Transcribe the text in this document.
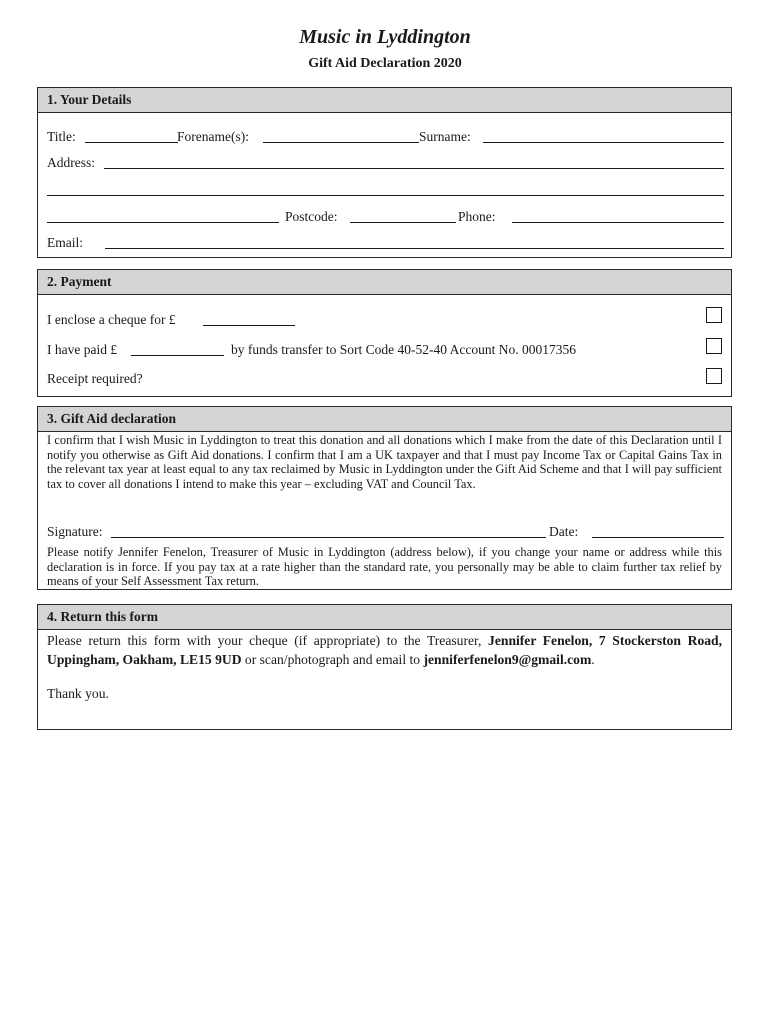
Music in Lyddington
Gift Aid Declaration 2020
1. Your Details
Title:	Forename(s):	Surname:
Address:
Postcode:	Phone:
Email:
2. Payment
I enclose a cheque for £
I have paid £	by funds transfer to Sort Code 40-52-40 Account No. 00017356
Receipt required?
3. Gift Aid declaration
I confirm that I wish Music in Lyddington to treat this donation and all donations which I make from the date of this Declaration until I notify you otherwise as Gift Aid donations. I confirm that I am a UK taxpayer and that I must pay Income Tax or Capital Gains Tax in the relevant tax year at least equal to any tax reclaimed by Music in Lyddington under the Gift Aid Scheme and that I will pay sufficient tax to cover all donations I intend to make this year – excluding VAT and Council Tax.
Signature:	Date:
Please notify Jennifer Fenelon, Treasurer of Music in Lyddington (address below), if you change your name or address while this declaration is in force. If you pay tax at a rate higher than the standard rate, you personally may be able to claim further tax relief by means of your Self Assessment Tax return.
4. Return this form
Please return this form with your cheque (if appropriate) to the Treasurer, Jennifer Fenelon, 7 Stockerston Road, Uppingham, Oakham, LE15 9UD or scan/photograph and email to jenniferfenelon9@gmail.com.
Thank you.
